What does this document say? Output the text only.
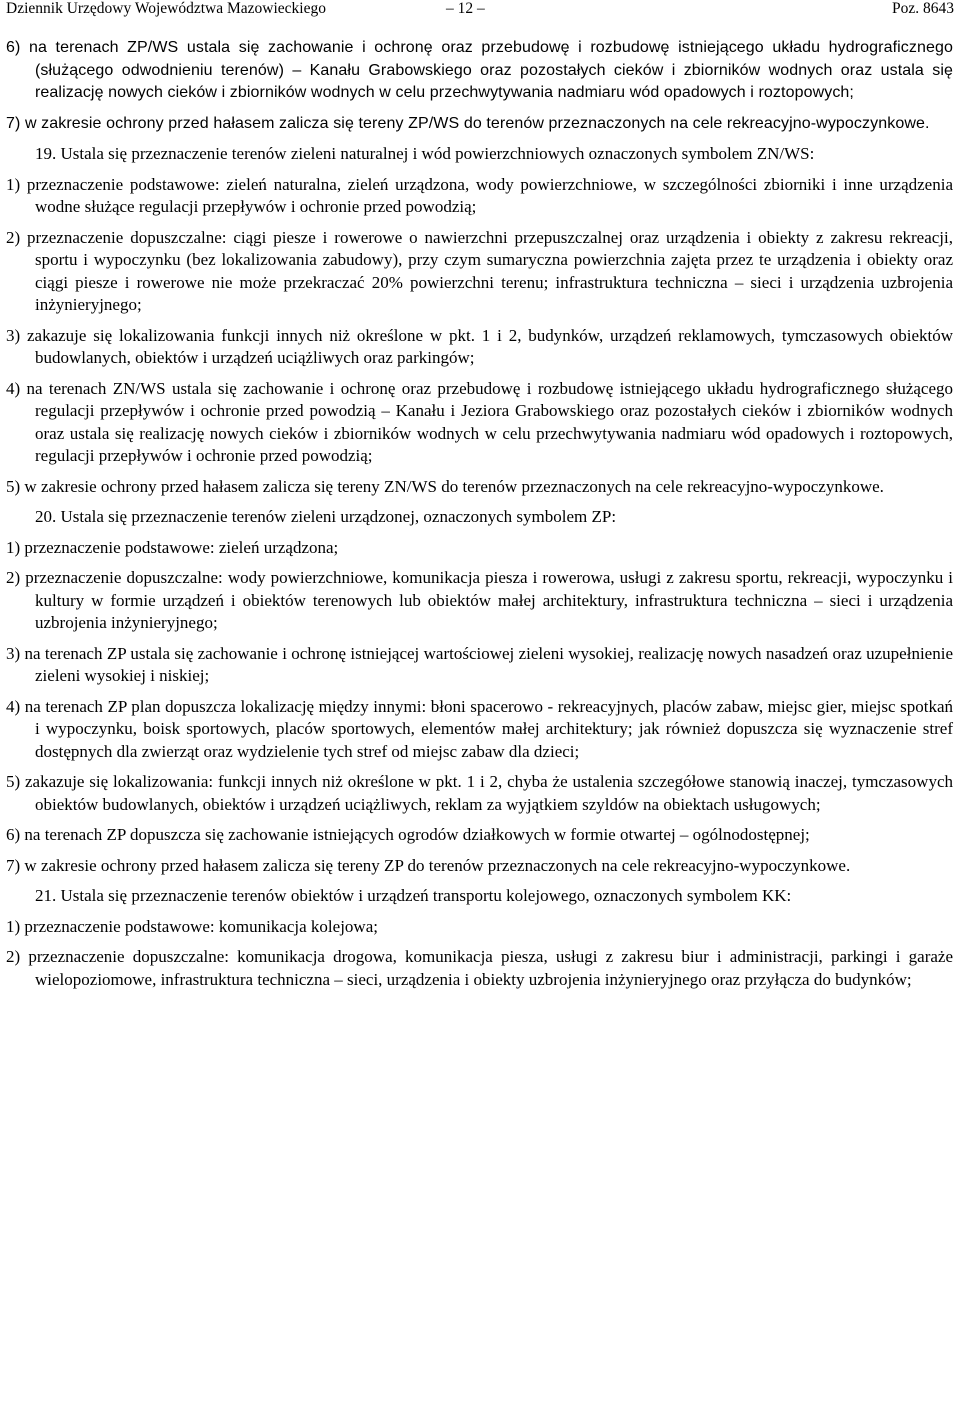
Dziennik Urzędowy Województwa Mazowieckiego	– 12 –	Poz. 8643

6) na terenach ZP/WS ustala się zachowanie i ochronę oraz przebudowę i rozbudowę istniejącego układu hydrograficznego (służącego odwodnieniu terenów) – Kanału Grabowskiego oraz pozostałych cieków i zbiorników wodnych oraz ustala się realizację nowych cieków i zbiorników wodnych w celu przechwytywania nadmiaru wód opadowych i roztopowych;

7) w zakresie ochrony przed hałasem zalicza się tereny ZP/WS do terenów przeznaczonych na cele rekreacyjno-wypoczynkowe.

19. Ustala się przeznaczenie terenów zieleni naturalnej i wód powierzchniowych oznaczonych symbolem ZN/WS:

1) przeznaczenie podstawowe: zieleń naturalna, zieleń urządzona, wody powierzchniowe, w szczególności zbiorniki i inne urządzenia wodne służące regulacji przepływów i ochronie przed powodzią;

2) przeznaczenie dopuszczalne: ciągi piesze i rowerowe o nawierzchni przepuszczalnej oraz urządzenia i obiekty z zakresu rekreacji, sportu i wypoczynku (bez lokalizowania zabudowy), przy czym sumaryczna powierzchnia zajęta przez te urządzenia i obiekty oraz ciągi piesze i rowerowe nie może przekraczać 20% powierzchni terenu; infrastruktura techniczna – sieci i urządzenia uzbrojenia inżynieryjnego;

3) zakazuje się lokalizowania funkcji innych niż określone w pkt. 1 i 2, budynków, urządzeń reklamowych, tymczasowych obiektów budowlanych, obiektów i urządzeń uciążliwych oraz parkingów;

4) na terenach ZN/WS ustala się zachowanie i ochronę oraz przebudowę i rozbudowę istniejącego układu hydrograficznego służącego regulacji przepływów i ochronie przed powodzią – Kanału i Jeziora Grabowskiego oraz pozostałych cieków i zbiorników wodnych oraz ustala się realizację nowych cieków i zbiorników wodnych w celu przechwytywania nadmiaru wód opadowych i roztopowych, regulacji przepływów i ochronie przed powodzią;

5) w zakresie ochrony przed hałasem zalicza się tereny ZN/WS do terenów przeznaczonych na cele rekreacyjno-wypoczynkowe.

20. Ustala się przeznaczenie terenów zieleni urządzonej, oznaczonych symbolem ZP:

1) przeznaczenie podstawowe: zieleń urządzona;

2) przeznaczenie dopuszczalne: wody powierzchniowe, komunikacja piesza i rowerowa, usługi z zakresu sportu, rekreacji, wypoczynku i kultury w formie urządzeń i obiektów terenowych lub obiektów małej architektury, infrastruktura techniczna – sieci i urządzenia uzbrojenia inżynieryjnego;

3) na terenach ZP ustala się zachowanie i ochronę istniejącej wartościowej zieleni wysokiej, realizację nowych nasadzeń oraz uzupełnienie zieleni wysokiej i niskiej;

4) na terenach ZP plan dopuszcza lokalizację między innymi: błoni spacerowo - rekreacyjnych, placów zabaw, miejsc gier, miejsc spotkań i wypoczynku, boisk sportowych, placów sportowych, elementów małej architektury; jak również dopuszcza się wyznaczenie stref dostępnych dla zwierząt oraz wydzielenie tych stref od miejsc zabaw dla dzieci;

5) zakazuje się lokalizowania: funkcji innych niż określone w pkt. 1 i 2, chyba że ustalenia szczegółowe stanowią inaczej, tymczasowych obiektów budowlanych, obiektów i urządzeń uciążliwych, reklam za wyjątkiem szyldów na obiektach usługowych;

6) na terenach ZP dopuszcza się zachowanie istniejących ogrodów działkowych w formie otwartej – ogólnodostępnej;

7) w zakresie ochrony przed hałasem zalicza się tereny ZP do terenów przeznaczonych na cele rekreacyjno-wypoczynkowe.

21. Ustala się przeznaczenie terenów obiektów i urządzeń transportu kolejowego, oznaczonych symbolem KK:

1) przeznaczenie podstawowe: komunikacja kolejowa;

2) przeznaczenie dopuszczalne: komunikacja drogowa, komunikacja piesza, usługi z zakresu biur i administracji, parkingi i garaże wielopoziomowe, infrastruktura techniczna – sieci, urządzenia i obiekty uzbrojenia inżynieryjnego oraz przyłącza do budynków;
